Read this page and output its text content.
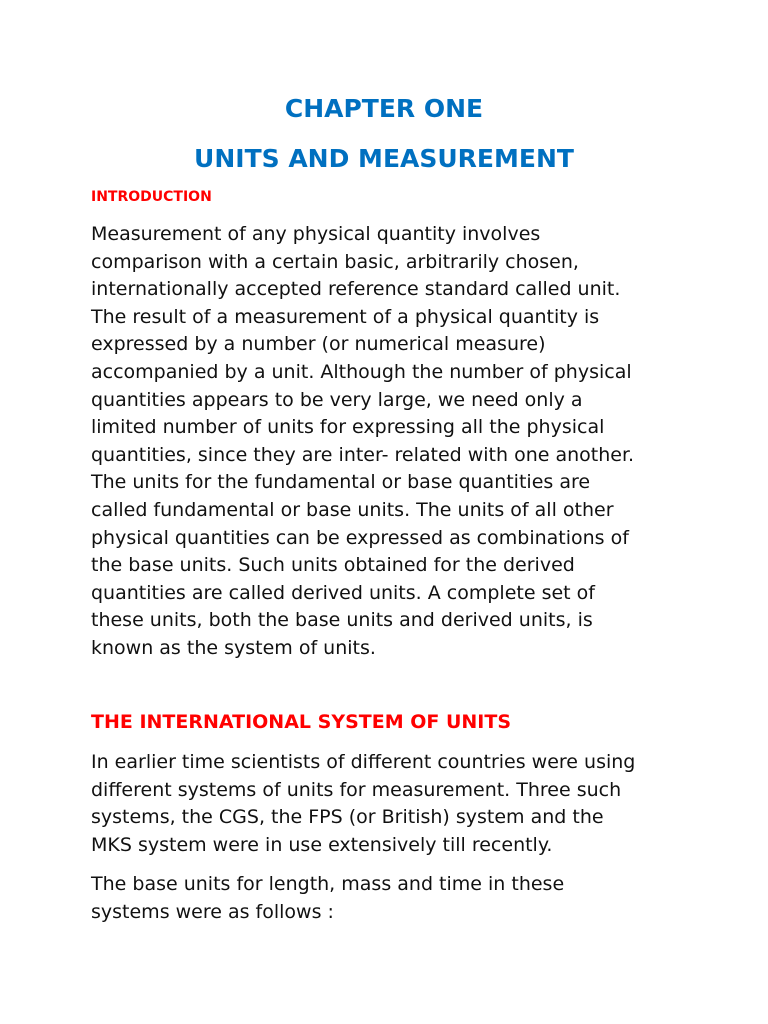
CHAPTER ONE
UNITS AND MEASUREMENT
INTRODUCTION

Measurement of any physical quantity involves
comparison with a certain basic, arbitrarily chosen,
internationally accepted reference standard called unit.
The result of a measurement of a physical quantity is
expressed by a number (or numerical measure)
accompanied by a unit. Although the number of physical
quantities appears to be very large, we need only a
limited number of units for expressing all the physical
quantities, since they are inter- related with one another.
The units for the fundamental or base quantities are
called fundamental or base units. The units of all other
physical quantities can be expressed as combinations of
the base units. Such units obtained for the derived
quantities are called derived units. A complete set of
these units, both the base units and derived units, is
known as the system of units.

THE INTERNATIONAL SYSTEM OF UNITS

In earlier time scientists of different countries were using
different systems of units for measurement. Three such
systems, the CGS, the FPS (or British) system and the
MKS system were in use extensively till recently.

The base units for length, mass and time in these
systems were as follows :
